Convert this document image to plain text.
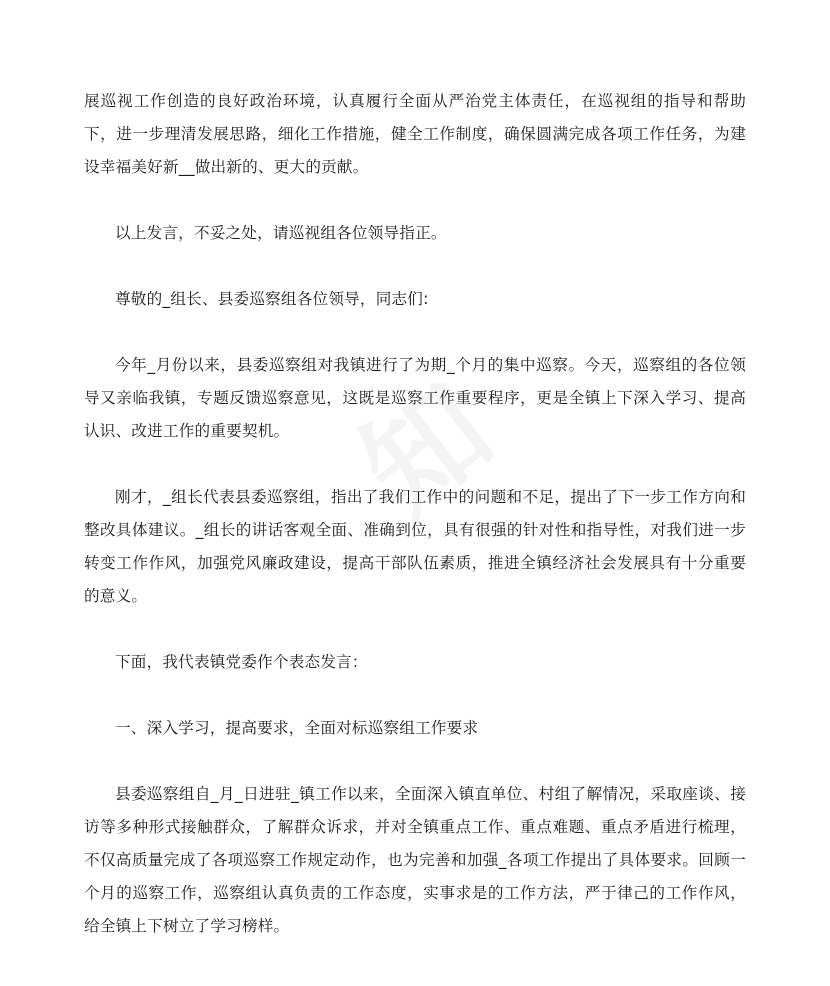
展巡视工作创造的良好政治环境，认真履行全面从严治党主体责任，在巡视组的指导和帮助下，进一步理清发展思路，细化工作措施，健全工作制度，确保圆满完成各项工作任务，为建设幸福美好新__做出新的、更大的贡献。

以上发言，不妥之处，请巡视组各位领导指正。

尊敬的_组长、县委巡察组各位领导，同志们:

今年_月份以来，县委巡察组对我镇进行了为期_个月的集中巡察。今天，巡察组的各位领导又亲临我镇，专题反馈巡察意见，这既是巡察工作重要程序，更是全镇上下深入学习、提高认识、改进工作的重要契机。

刚才，_组长代表县委巡察组，指出了我们工作中的问题和不足，提出了下一步工作方向和整改具体建议。_组长的讲话客观全面、准确到位，具有很强的针对性和指导性，对我们进一步转变工作作风，加强党风廉政建设，提高干部队伍素质，推进全镇经济社会发展具有十分重要的意义。

下面，我代表镇党委作个表态发言：

一、深入学习，提高要求，全面对标巡察组工作要求

县委巡察组自_月_日进驻_镇工作以来，全面深入镇直单位、村组了解情况，采取座谈、接访等多种形式接触群众，了解群众诉求，并对全镇重点工作、重点难题、重点矛盾进行梳理，不仅高质量完成了各项巡察工作规定动作，也为完善和加强_各项工作提出了具体要求。回顾一个月的巡察工作，巡察组认真负责的工作态度，实事求是的工作方法，严于律己的工作作风，给全镇上下树立了学习榜样。
